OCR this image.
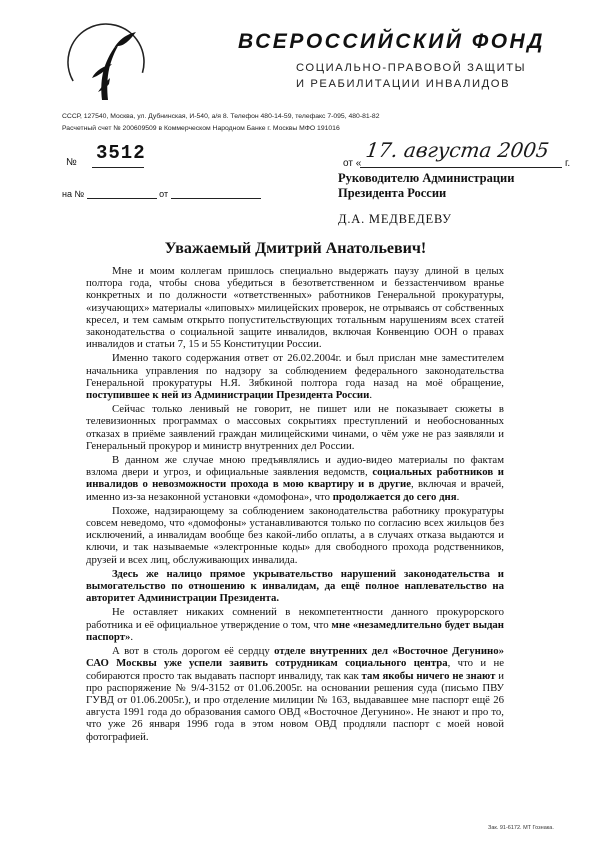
ВСЕРОССИЙСКИЙ ФОНД
СОЦИАЛЬНО-ПРАВОВОЙ ЗАЩИТЫ
И РЕАБИЛИТАЦИИ ИНВАЛИДОВ
СССР, 127540, Москва, ул. Дубнинская, И-540, а/я 8. Телефон 480-14-59, телефакс 7-095, 480-81-82
Расчетный счет № 200609509 в Коммерческом Народном Банке г. Москвы МФО 191016
№ 3512	от «
17. августа 2005
г.
на №	от
Руководителю Администрации
Президента России
Д.А. МЕДВЕДЕВУ
Уважаемый Дмитрий Анатольевич!

Мне и моим коллегам пришлось специально выдержать паузу длиной в целых полтора года, чтобы снова убедиться в безответственном и беззастенчивом вранье конкретных и по должности «ответственных» работников Генеральной прокуратуры, «изучающих» материалы «липовых» милицейских проверок, не отрываясь от собственных кресел, и тем самым открыто попустительствующих тотальным нарушениям всех статей законодательства о социальной защите инвалидов, включая Конвенцию ООН о правах инвалидов и статьи 7, 15 и 55 Конституции России.

Именно такого содержания ответ от 26.02.2004г. и был прислан мне заместителем начальника управления по надзору за соблюдением федерального законодательства Генеральной прокуратуры Н.Я. Зябкиной полтора года назад на моё обращение, поступившее к ней из Администрации Президента России.

Сейчас только ленивый не говорит, не пишет или не показывает сюжеты в телевизионных программах о массовых сокрытиях преступлений и необоснованных отказах в приёме заявлений граждан милицейскими чинами, о чём уже не раз заявляли и Генеральный прокурор и министр внутренних дел России.

В данном же случае мною предъявлялись и аудио-видео материалы по фактам взлома двери и угроз, и официальные заявления ведомств, социальных работников и инвалидов о невозможности прохода в мою квартиру и в другие, включая и врачей, именно из-за незаконной установки «домофона», что продолжается до сего дня.

Похоже, надзирающему за соблюдением законодательства работнику прокуратуры совсем неведомо, что «домофоны» устанавливаются только по согласию всех жильцов без исключений, а инвалидам вообще без какой-либо оплаты, а в случаях отказа выдаются и ключи, и так называемые «электронные коды» для свободного прохода родственников, друзей и всех лиц, обслуживающих инвалида.

Здесь же налицо прямое укрывательство нарушений законодательства и вымогательство по отношению к инвалидам, да ещё полное наплевательство на авторитет Администрации Президента.

Не оставляет никаких сомнений в некомпетентности данного прокурорского работника и её официальное утверждение о том, что мне «незамедлительно будет выдан паспорт».

А вот в столь дорогом её сердцу отделе внутренних дел «Восточное Дегунино» САО Москвы уже успели заявить сотрудникам социального центра, что и не собираются просто так выдавать паспорт инвалиду, так как там якобы ничего не знают и про распоряжение № 9/4-3152 от 01.06.2005г. на основании решения суда (письмо ПВУ ГУВД от 01.06.2005г.), и про отделение милиции № 163, выдававшее мне паспорт ещё 26 августа 1991 года до образования самого ОВД «Восточное Дегунино». Не знают и про то, что уже 26 января 1996 года в этом новом ОВД продляли паспорт с моей новой фотографией.

Зак. 91-6172. МТ Гознака.
